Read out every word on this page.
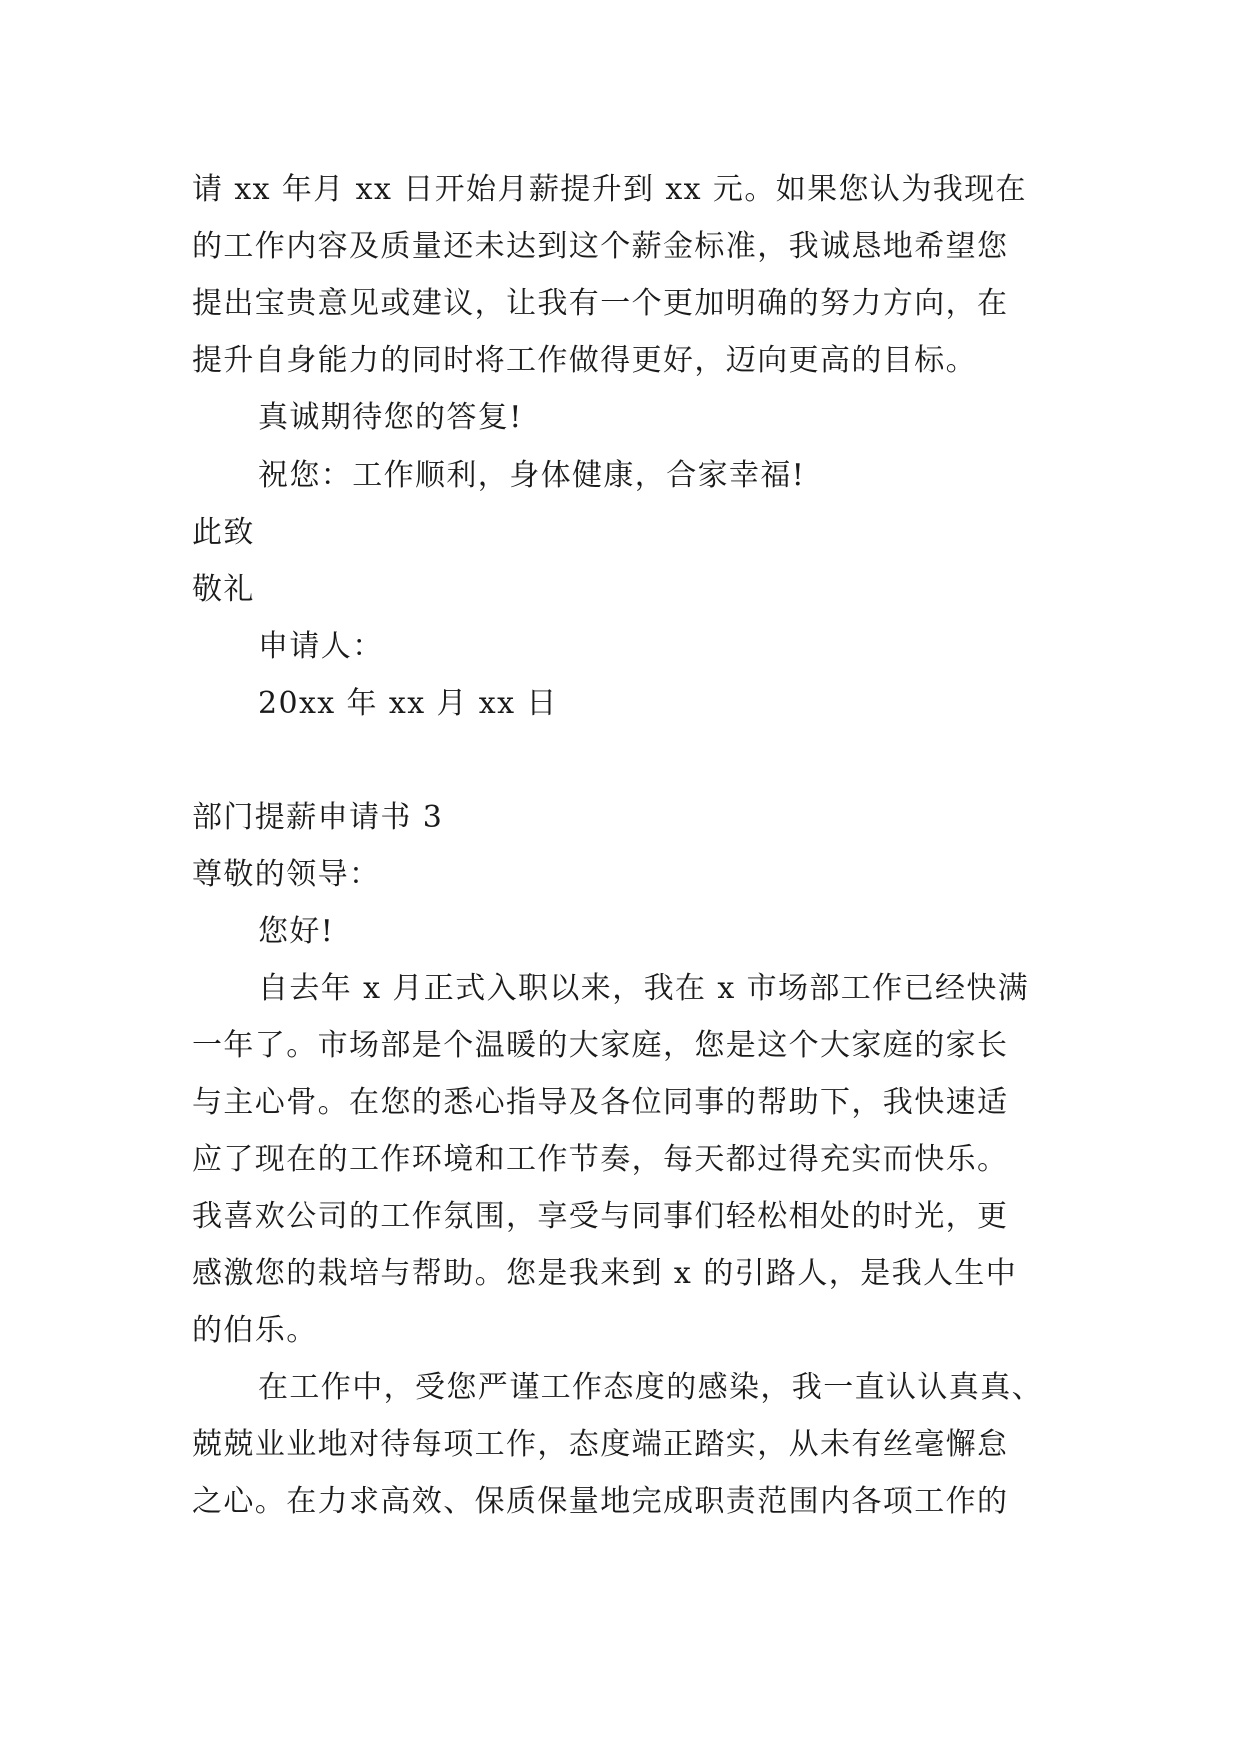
请 xx 年月 xx 日开始月薪提升到 xx 元。如果您认为我现在
的工作内容及质量还未达到这个薪金标准，我诚恳地希望您
提出宝贵意见或建议，让我有一个更加明确的努力方向，在
提升自身能力的同时将工作做得更好，迈向更高的目标。
真诚期待您的答复!
祝您：工作顺利，身体健康，合家幸福!
此致
敬礼
申请人：
20xx 年 xx 月 xx 日
部门提薪申请书 3
尊敬的领导：
您好!
自去年 x 月正式入职以来，我在 x 市场部工作已经快满
一年了。市场部是个温暖的大家庭，您是这个大家庭的家长
与主心骨。在您的悉心指导及各位同事的帮助下，我快速适
应了现在的工作环境和工作节奏，每天都过得充实而快乐。
我喜欢公司的工作氛围，享受与同事们轻松相处的时光，更
感激您的栽培与帮助。您是我来到 x 的引路人，是我人生中
的伯乐。
在工作中，受您严谨工作态度的感染，我一直认认真真、
兢兢业业地对待每项工作，态度端正踏实，从未有丝毫懈怠
之心。在力求高效、保质保量地完成职责范围内各项工作的
